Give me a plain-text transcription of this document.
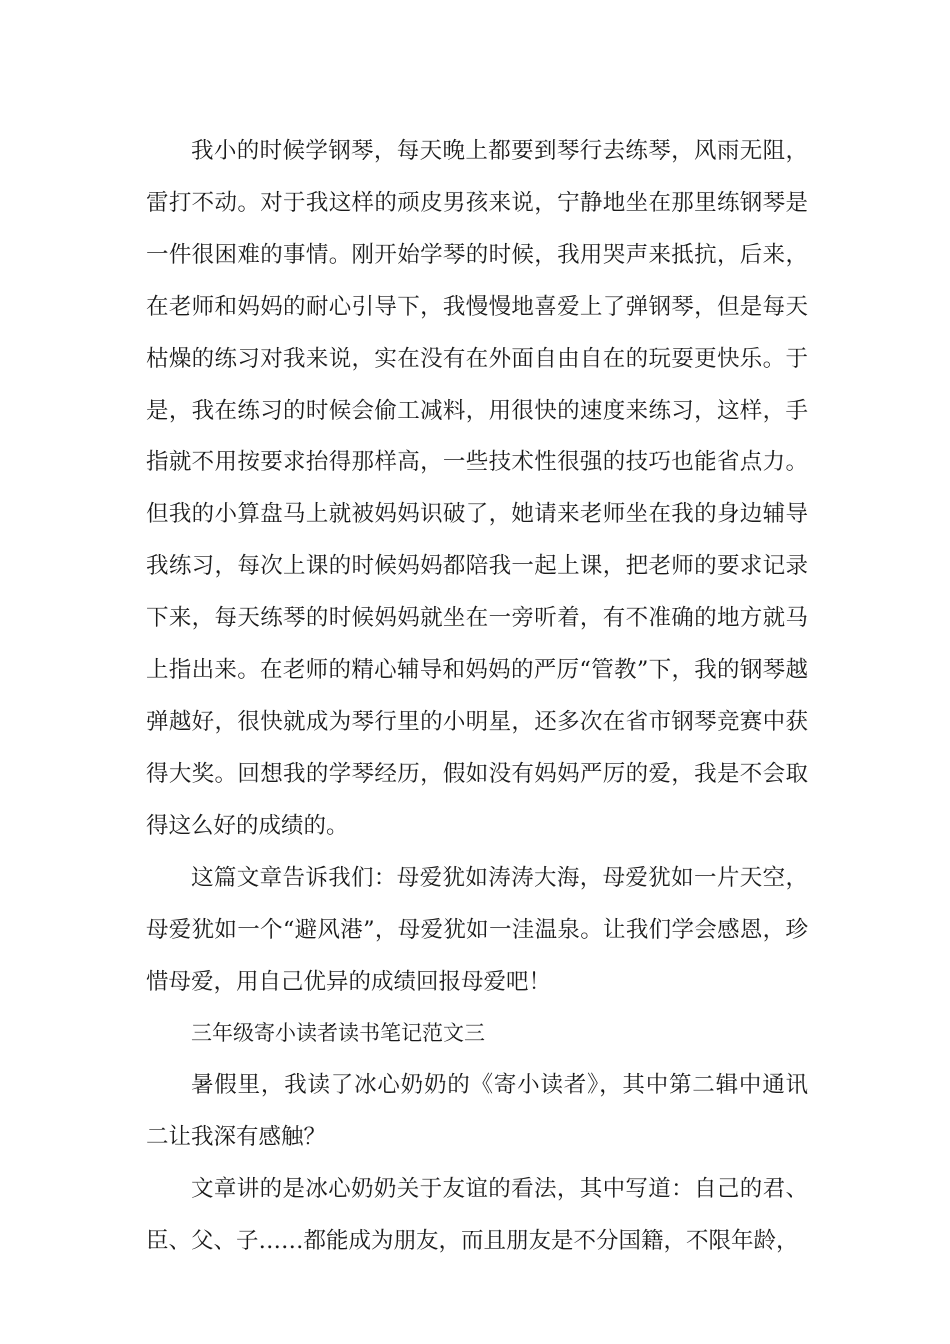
我小的时候学钢琴，每天晚上都要到琴行去练琴，风雨无阻，雷打不动。对于我这样的顽皮男孩来说，宁静地坐在那里练钢琴是一件很困难的事情。刚开始学琴的时候，我用哭声来抵抗，后来，在老师和妈妈的耐心引导下，我慢慢地喜爱上了弹钢琴，但是每天枯燥的练习对我来说，实在没有在外面自由自在的玩耍更快乐。于是，我在练习的时候会偷工减料，用很快的速度来练习，这样，手指就不用按要求抬得那样高，一些技术性很强的技巧也能省点力。但我的小算盘马上就被妈妈识破了，她请来老师坐在我的身边辅导我练习，每次上课的时候妈妈都陪我一起上课，把老师的要求记录下来，每天练琴的时候妈妈就坐在一旁听着，有不准确的地方就马上指出来。在老师的精心辅导和妈妈的严厉“管教”下，我的钢琴越弹越好，很快就成为琴行里的小明星，还多次在省市钢琴竞赛中获得大奖。回想我的学琴经历，假如没有妈妈严厉的爱，我是不会取得这么好的成绩的。

这篇文章告诉我们：母爱犹如涛涛大海，母爱犹如一片天空，母爱犹如一个“避风港”，母爱犹如一洼温泉。让我们学会感恩，珍惜母爱，用自己优异的成绩回报母爱吧！

三年级寄小读者读书笔记范文三

暑假里，我读了冰心奶奶的《寄小读者》，其中第二辑中通讯二让我深有感触？

文章讲的是冰心奶奶关于友谊的看法，其中写道：自己的君、臣、父、子……都能成为朋友，而且朋友是不分国籍，不限年龄，
